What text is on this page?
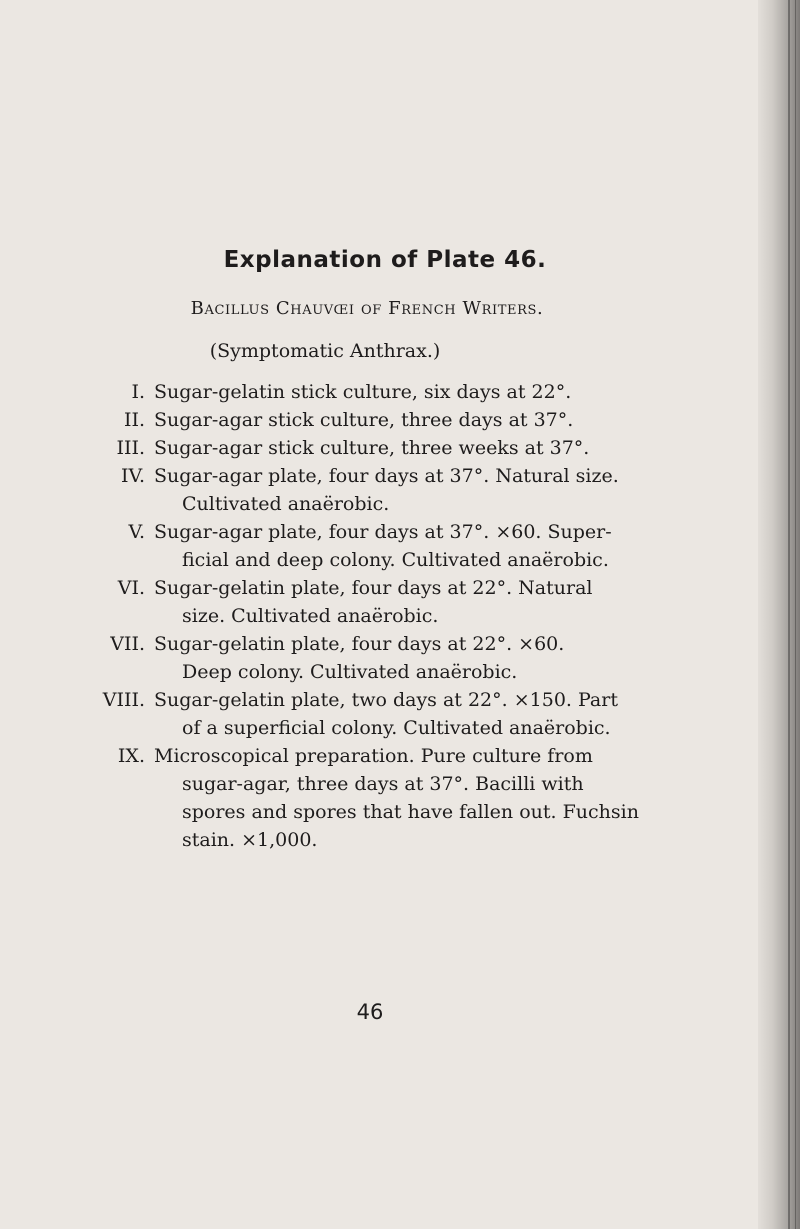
Explanation of Plate 46.
Bacillus Chauvœi of French Writers.
(Symptomatic Anthrax.)
I. Sugar-gelatin stick culture, six days at 22°.
II. Sugar-agar stick culture, three days at 37°.
III. Sugar-agar stick culture, three weeks at 37°.
IV. Sugar-agar plate, four days at 37°. Natural size.
Cultivated anaërobic.
V. Sugar-agar plate, four days at 37°. ×60. Super-
ficial and deep colony. Cultivated anaërobic.
VI. Sugar-gelatin plate, four days at 22°. Natural
size. Cultivated anaërobic.
VII. Sugar-gelatin plate, four days at 22°. ×60.
Deep colony. Cultivated anaërobic.
VIII. Sugar-gelatin plate, two days at 22°. ×150. Part
of a superficial colony. Cultivated anaërobic.
IX. Microscopical preparation. Pure culture from
sugar-agar, three days at 37°. Bacilli with
spores and spores that have fallen out. Fuchsin
stain. ×1,000.
46
